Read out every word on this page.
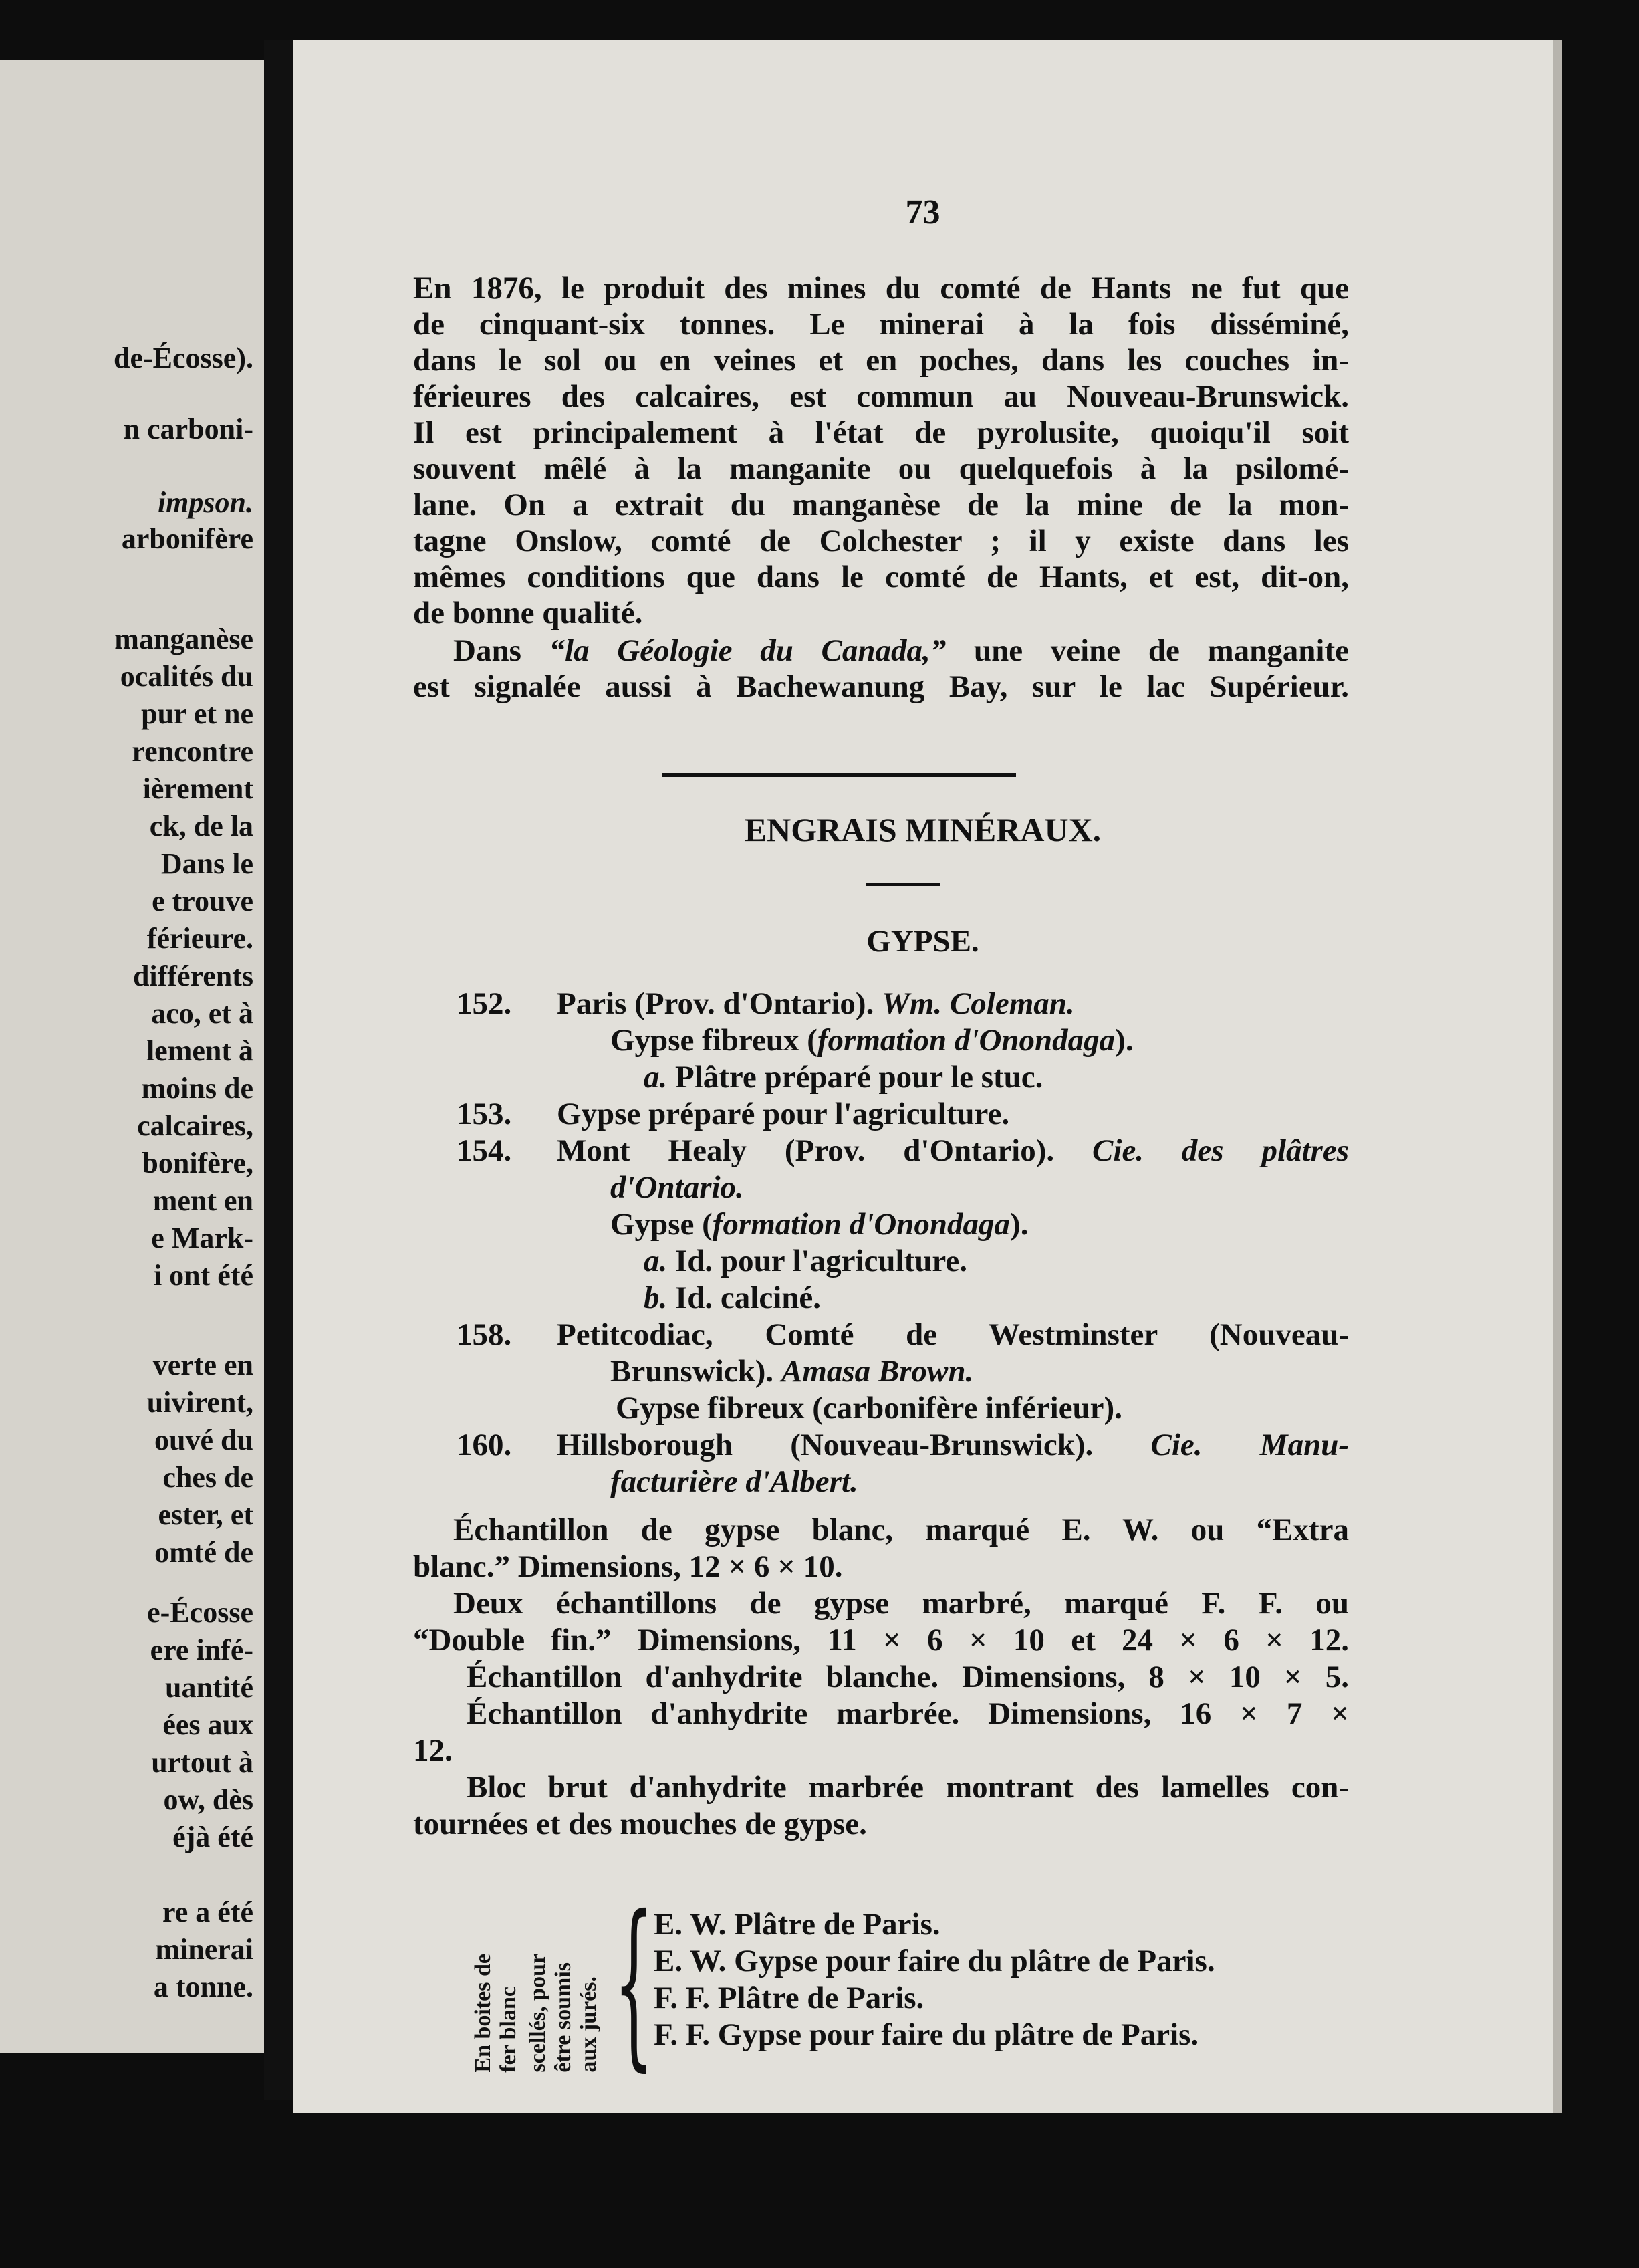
de-Écosse).
n carboni-
impson.
arbonifère
manganèse
ocalités du
pur et ne
rencontre
ièrement
ck, de la
Dans le
e trouve
férieure.
différents
aco, et à
lement à
moins de
calcaires,
bonifère,
ment en
e Mark-
i ont été
verte en
uivirent,
ouvé du
ches de
ester, et
omté de
e-Écosse
ere infé-
uantité
ées aux
urtout à
ow, dès
éjà été
re a été
minerai
a tonne.
73
En 1876, le produit des mines du comté de Hants ne fut que
de cinquant-six tonnes. Le minerai à la fois disséminé,
dans le sol ou en veines et en poches, dans les couches in-
férieures des calcaires, est commun au Nouveau-Brunswick.
Il est principalement à l'état de pyrolusite, quoiqu'il soit
souvent mêlé à la manganite ou quelquefois à la psilomé-
lane. On a extrait du manganèse de la mine de la mon-
tagne Onslow, comté de Colchester ; il y existe dans les
mêmes conditions que dans le comté de Hants, et est, dit-on,
de bonne qualité.
Dans “la Géologie du Canada,” une veine de manganite
est signalée aussi à Bachewanung Bay, sur le lac Supérieur.
ENGRAIS MINÉRAUX.
GYPSE.
152. Paris (Prov. d'Ontario). Wm. Coleman.
Gypse fibreux (formation d'Onondaga).
a. Plâtre préparé pour le stuc.
153. Gypse préparé pour l'agriculture.
154. Mont Healy (Prov. d'Ontario). Cie. des plâtres
d'Ontario.
Gypse (formation d'Onondaga).
a. Id. pour l'agriculture.
b. Id. calciné.
158. Petitcodiac, Comté de Westminster (Nouveau-
Brunswick). Amasa Brown.
Gypse fibreux (carbonifère inférieur).
160. Hillsborough (Nouveau-Brunswick). Cie. Manu-
facturière d'Albert.
Échantillon de gypse blanc, marqué E. W. ou “Extra
blanc.” Dimensions, 12 × 6 × 10.
Deux échantillons de gypse marbré, marqué F. F. ou
“Double fin.” Dimensions, 11 × 6 × 10 et 24 × 6 × 12.
Échantillon d'anhydrite blanche. Dimensions, 8 × 10 × 5.
Échantillon d'anhydrite marbrée. Dimensions, 16 × 7 ×
12.
Bloc brut d'anhydrite marbrée montrant des lamelles con-
tournées et des mouches de gypse.
En boites de fer blanc scellés, pour être soumis aux jurés. { E. W. Plâtre de Paris.
E. W. Gypse pour faire du plâtre de Paris.
F. F. Plâtre de Paris.
F. F. Gypse pour faire du plâtre de Paris.
